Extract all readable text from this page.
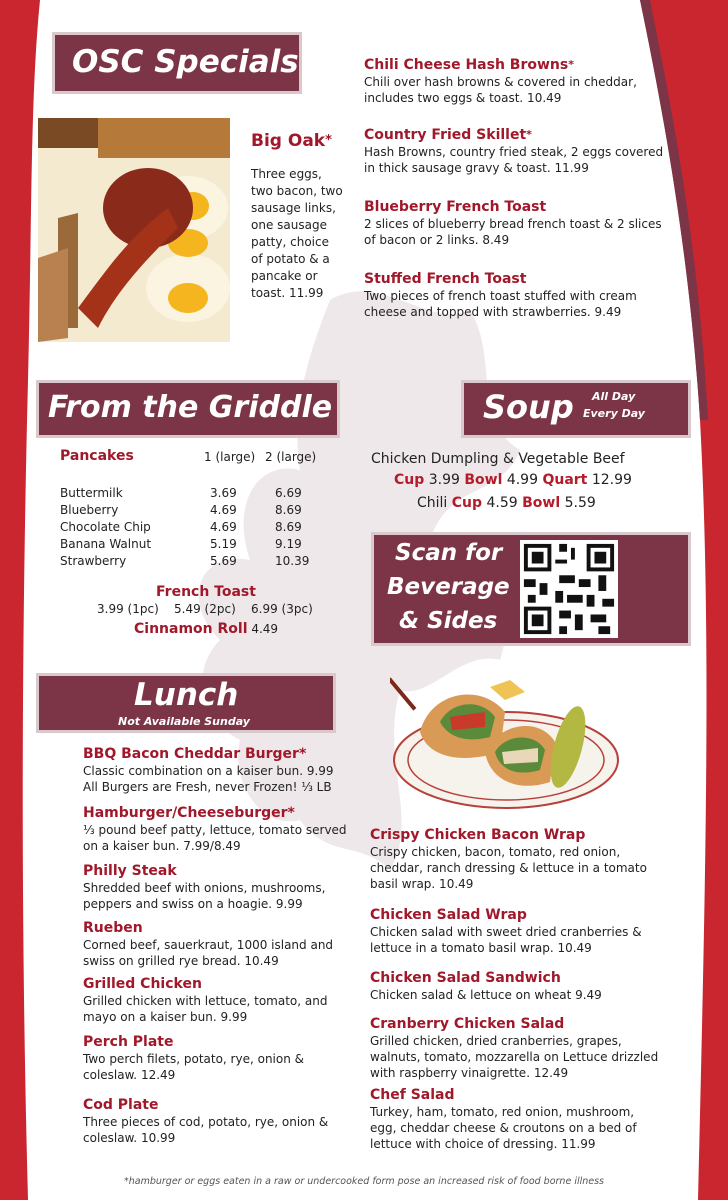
OSC Specials
Big Oak*
Three eggs, two bacon, two sausage links, one sausage patty, choice of potato & a pancake or toast. 11.99
Chili Cheese Hash Browns*
Chili over hash browns & covered in cheddar, includes two eggs & toast. 10.49
Country Fried Skillet*
Hash Browns, country fried steak, 2 eggs covered in thick sausage gravy & toast. 11.99
Blueberry French Toast
2 slices of blueberry bread french toast & 2 slices of bacon or 2 links. 8.49
Stuffed French Toast
Two pieces of french toast stuffed with cream cheese and topped with strawberries. 9.49
From the Griddle
Pancakes	1 (large) 2 (large)
Buttermilk	3.69	6.69
Blueberry	4.69	8.69
Chocolate Chip	4.69	8.69
Banana Walnut	5.19	9.19
Strawberry	5.69	10.39
French Toast
3.99 (1pc)    5.49 (2pc)    6.99 (3pc)
Cinnamon Roll 4.49
Soup All Day
Every Day
Chicken Dumpling & Vegetable Beef
Cup 3.99 Bowl 4.99 Quart 12.99
Chili Cup 4.59 Bowl 5.59
Scan for
Beverage
& Sides
Lunch
Not Available Sunday
BBQ Bacon Cheddar Burger*
Classic combination on a kaiser bun. 9.99
All Burgers are Fresh, never Frozen! ⅓ LB
Hamburger/Cheeseburger*
⅓ pound beef patty, lettuce, tomato served on a kaiser bun. 7.99/8.49
Philly Steak
Shredded beef with onions, mushrooms, peppers and swiss on a hoagie. 9.99
Rueben
Corned beef, sauerkraut, 1000 island and swiss on grilled rye bread. 10.49
Grilled Chicken
Grilled chicken with lettuce, tomato, and mayo on a kaiser bun. 9.99
Perch Plate
Two perch filets, potato, rye, onion & coleslaw. 12.49
Cod Plate
Three pieces of cod, potato, rye, onion & coleslaw. 10.99
Crispy Chicken Bacon Wrap
Crispy chicken, bacon, tomato, red onion, cheddar, ranch dressing & lettuce in a tomato basil wrap. 10.49
Chicken Salad Wrap
Chicken salad with sweet dried cranberries & lettuce in a tomato basil wrap. 10.49
Chicken Salad Sandwich
Chicken salad & lettuce on wheat 9.49
Cranberry Chicken Salad
Grilled chicken, dried cranberries, grapes, walnuts, tomato, mozzarella on Lettuce drizzled with raspberry vinaigrette. 12.49
Chef Salad
Turkey, ham, tomato, red onion, mushroom, egg, cheddar cheese & croutons on a bed of lettuce with choice of dressing. 11.99
*hamburger or eggs eaten in a raw or undercooked form pose an increased risk of food borne illness
